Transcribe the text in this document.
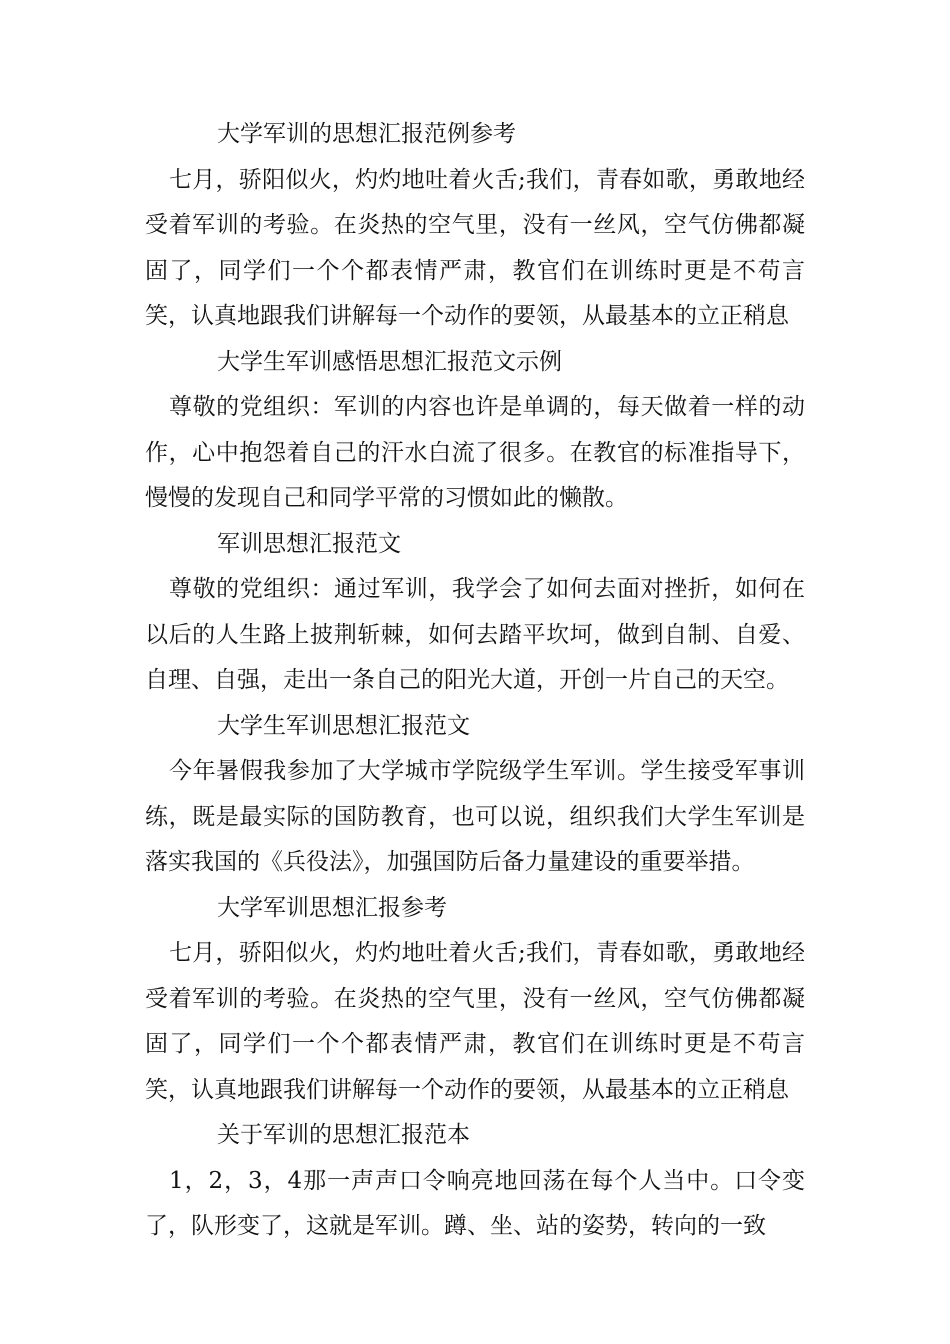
大学军训的思想汇报范例参考

七月，骄阳似火，灼灼地吐着火舌;我们，青春如歌，勇敢地经受着军训的考验。在炎热的空气里，没有一丝风，空气仿佛都凝固了，同学们一个个都表情严肃，教官们在训练时更是不苟言笑，认真地跟我们讲解每一个动作的要领，从最基本的立正稍息

大学生军训感悟思想汇报范文示例

尊敬的党组织：军训的内容也许是单调的，每天做着一样的动作，心中抱怨着自己的汗水白流了很多。在教官的标准指导下，慢慢的发现自己和同学平常的习惯如此的懒散。

军训思想汇报范文

尊敬的党组织：通过军训，我学会了如何去面对挫折，如何在以后的人生路上披荆斩棘，如何去踏平坎坷，做到自制、自爱、自理、自强，走出一条自己的阳光大道，开创一片自己的天空。

大学生军训思想汇报范文

今年暑假我参加了大学城市学院级学生军训。学生接受军事训练，既是最实际的国防教育，也可以说，组织我们大学生军训是落实我国的《兵役法》，加强国防后备力量建设的重要举措。

大学军训思想汇报参考

七月，骄阳似火，灼灼地吐着火舌;我们，青春如歌，勇敢地经受着军训的考验。在炎热的空气里，没有一丝风，空气仿佛都凝固了，同学们一个个都表情严肃，教官们在训练时更是不苟言笑，认真地跟我们讲解每一个动作的要领，从最基本的立正稍息

关于军训的思想汇报范本

1，2，3，4那一声声口令响亮地回荡在每个人当中。口令变了，队形变了，这就是军训。蹲、坐、站的姿势，转向的一致
